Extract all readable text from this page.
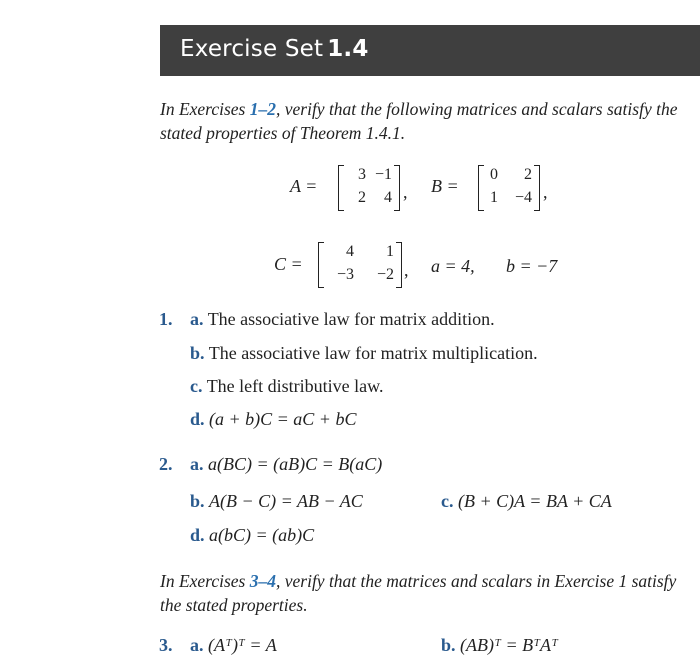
Exercise Set 1.4
In Exercises 1–2, verify that the following matrices and scalars satisfy the stated properties of Theorem 1.4.1.
A =
3 −1
2	4 , B =
0	2
1	−4 ,
C =
4	1
−3	−2 , a = 4, b = −7
1. a. The associative law for matrix addition.
b. The associative law for matrix multiplication.
c. The left distributive law.
d. (a + b)C = aC + bC
2. a. a(BC) = (aB)C = B(aC)
b. A(B − C) = AB − AC	c. (B + C)A = BA + CA
d. a(bC) = (ab)C
In Exercises 3–4, verify that the matrices and scalars in Exercise 1 satisfy the stated properties.
3. a. (Aᵀ)ᵀ = A	b. (AB)ᵀ = BᵀAᵀ
